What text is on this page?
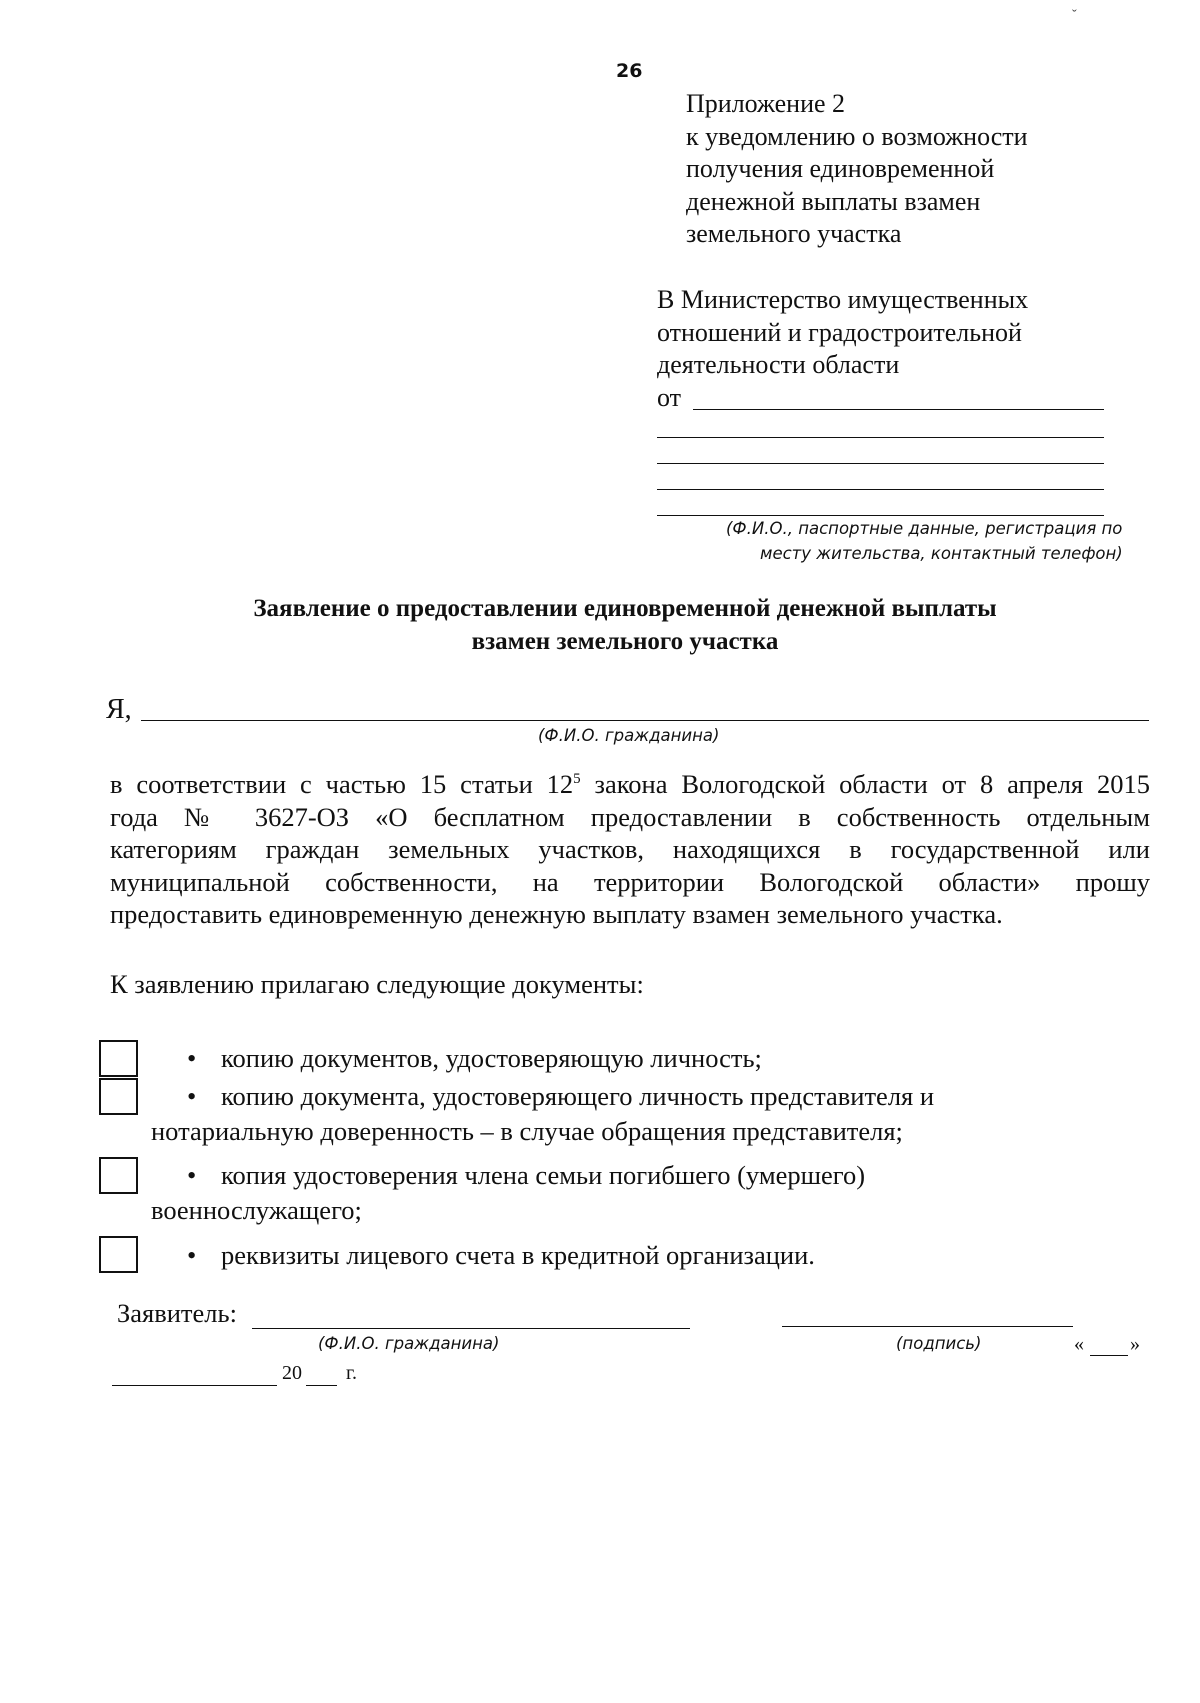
ˇ
26
Приложение 2
к уведомлению о возможности
получения единовременной
денежной выплаты взамен
земельного участка
В Министерство имущественных
отношений и градостроительной
деятельности области
от
(Ф.И.О., паспортные данные, регистрация по
месту жительства, контактный телефон)
Заявление о предоставлении единовременной денежной выплаты
взамен земельного участка
Я,
(Ф.И.О. гражданина)
в соответствии с частью 15 статьи $12^5$ закона Вологодской области от 8 апреля 2015
года № 3627-ОЗ «О бесплатном предоставлении в собственность отдельным
категориям граждан земельных участков, находящихся в государственной или
муниципальной собственности, на территории Вологодской области» прошу
предоставить единовременную денежную выплату взамен земельного участка.
К заявлению прилагаю следующие документы:
• копию документов, удостоверяющую личность;
• копию документа, удостоверяющего личность представителя и
нотариальную доверенность – в случае обращения представителя;
• копия удостоверения члена семьи погибшего (умершего)
военнослужащего;
• реквизиты лицевого счета в кредитной организации.
Заявитель:
(Ф.И.О. гражданина)	(подпись)	« »
20 г.
